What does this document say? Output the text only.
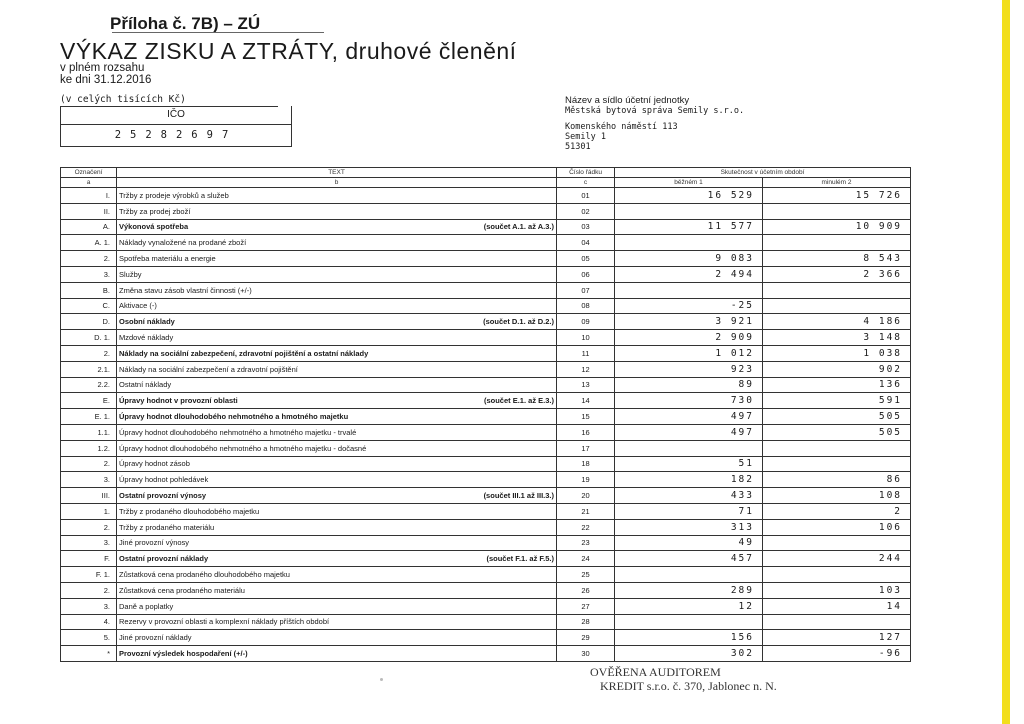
Příloha č. 7B) – ZÚ
VÝKAZ ZISKU A ZTRÁTY, druhové členění
v plném rozsahu
ke dni 31.12.2016
(v celých tisících Kč)
IČO
25282697
Název a sídlo účetní jednotky
Městská bytová správa Semily s.r.o.
Komenského náměstí 113
Semily 1
51301
Označení	TEXT	Číslo řádku	Skutečnost v účetním období	
a	b	c	běžném 1	minulém 2
I.	Tržby z prodeje výrobků a služeb	01	16 529	15 726
II.	Tržby za prodej zboží	02		
A.	Výkonová spotřeba (součet A.1. až A.3.)	03	11 577	10 909
A. 1.	Náklady vynaložené na prodané zboží	04		
2.	Spotřeba materiálu a energie	05	9 083	8 543
3.	Služby	06	2 494	2 366
B.	Změna stavu zásob vlastní činnosti (+/-)	07		
C.	Aktivace (-)	08	-25	
D.	Osobní náklady (součet D.1. až D.2.)	09	3 921	4 186
D. 1.	Mzdové náklady	10	2 909	3 148
2.	Náklady na sociální zabezpečení, zdravotní pojištění a ostatní náklady	11	1 012	1 038
2.1.	Náklady na sociální zabezpečení a zdravotní pojištění	12	923	902
2.2.	Ostatní náklady	13	89	136
E.	Úpravy hodnot v provozní oblasti (součet E.1. až E.3.)	14	730	591
E. 1.	Úpravy hodnot dlouhodobého nehmotného a hmotného majetku	15	497	505
1.1.	Úpravy hodnot dlouhodobého nehmotného a hmotného majetku - trvalé	16	497	505
1.2.	Úpravy hodnot dlouhodobého nehmotného a hmotného majetku - dočasné	17		
2.	Úpravy hodnot zásob	18	51	
3.	Úpravy hodnot pohledávek	19	182	86
III.	Ostatní provozní výnosy (součet III.1 až III.3.)	20	433	108
1.	Tržby z prodaného dlouhodobého majetku	21	71	2
2.	Tržby z prodaného materiálu	22	313	106
3.	Jiné provozní výnosy	23	49	
F.	Ostatní provozní náklady (součet F.1. až F.5.)	24	457	244
F. 1.	Zůstatková cena prodaného dlouhodobého majetku	25		
2.	Zůstatková cena prodaného materiálu	26	289	103
3.	Daně a poplatky	27	12	14
4.	Rezervy v provozní oblasti a komplexní náklady příštích období	28		
5.	Jiné provozní náklady	29	156	127
*	Provozní výsledek hospodaření (+/-)	30	302	-96
OVĚŘENA AUDITOREM
KREDIT s.r.o. č. 370, Jablonec n. N.
